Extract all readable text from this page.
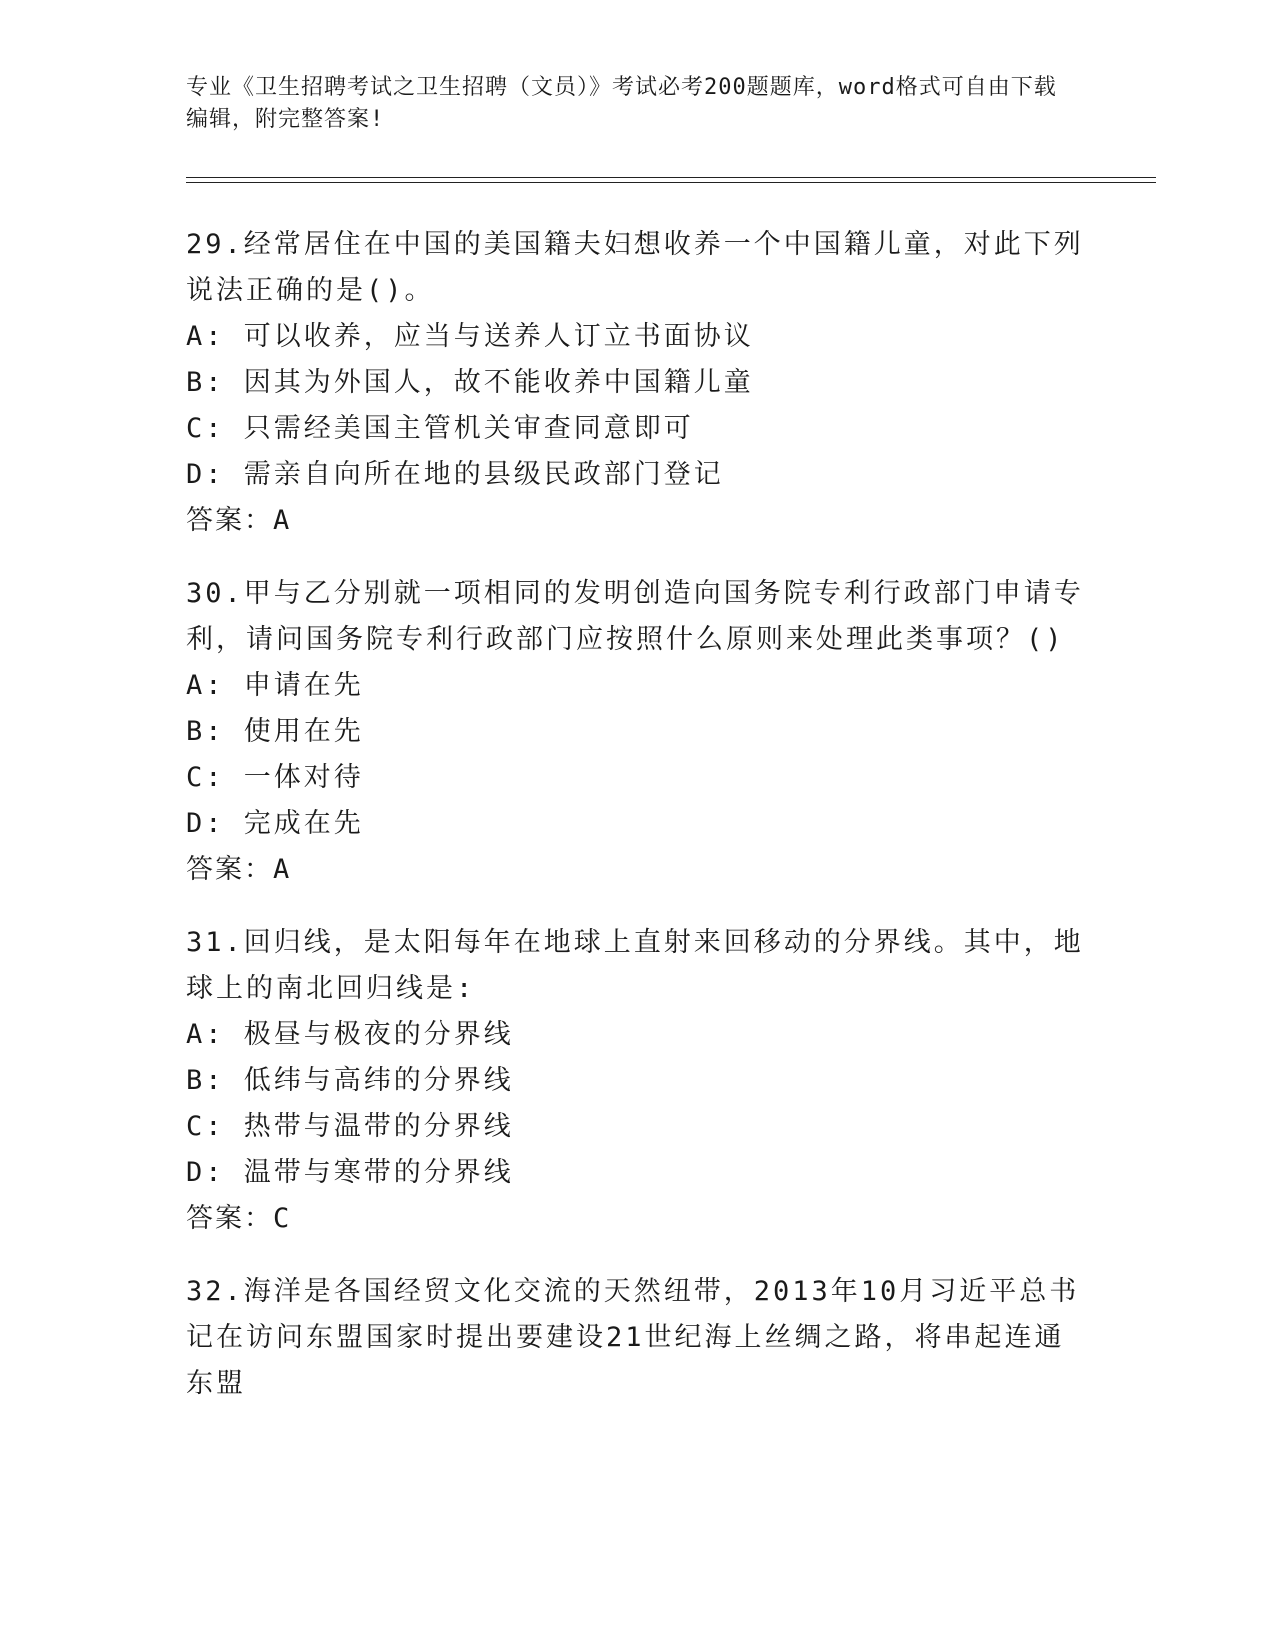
专业《卫生招聘考试之卫生招聘（文员）》考试必考200题题库，word格式可自由下载编辑，附完整答案!

29.经常居住在中国的美国籍夫妇想收养一个中国籍儿童，对此下列说法正确的是()。

A: 可以收养，应当与送养人订立书面协议

B: 因其为外国人，故不能收养中国籍儿童

C: 只需经美国主管机关审查同意即可

D: 需亲自向所在地的县级民政部门登记

答案：A

30.甲与乙分别就一项相同的发明创造向国务院专利行政部门申请专利，请问国务院专利行政部门应按照什么原则来处理此类事项？()

A: 申请在先

B: 使用在先

C: 一体对待

D: 完成在先

答案：A

31.回归线，是太阳每年在地球上直射来回移动的分界线。其中，地球上的南北回归线是:

A: 极昼与极夜的分界线

B: 低纬与高纬的分界线

C: 热带与温带的分界线

D: 温带与寒带的分界线

答案：C

32.海洋是各国经贸文化交流的天然纽带，2013年10月习近平总书记在访问东盟国家时提出要建设21世纪海上丝绸之路，将串起连通东盟
